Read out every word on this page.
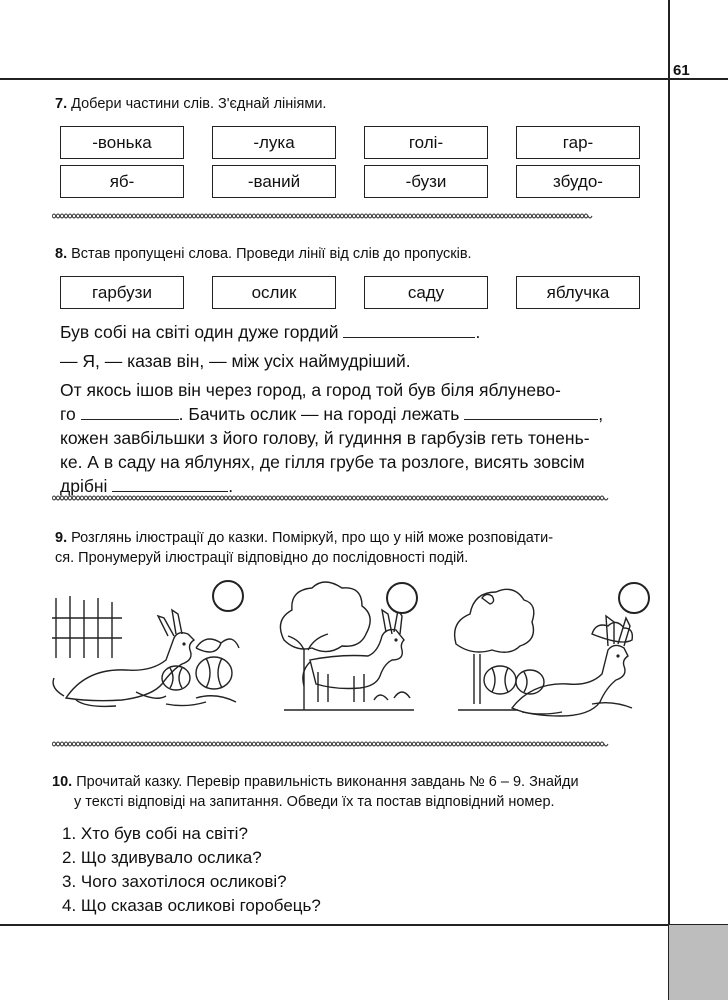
61
7. Добери частини слів. З'єднай лініями.
-вонька	-лука	голі-	гар-
яб-	-ваний	-бузи	збудо-
8. Встав пропущені слова. Проведи лінії від слів до пропусків.
гарбузи	ослик	саду	яблучка

Був собі на світі один дуже гордий	.

— Я, — казав він, — між усіх наймудріший.

От якось ішов він через город, а город той був біля яблунево-

го	. Бачить ослик — на городі лежать	,

кожен завбільшки з його голову, й гудиння в гарбузів геть тонень-

ке. А в саду на яблунях, де гілля грубе та розлоге, висять зовсім

дрібні	.

9. Розглянь ілюстрації до казки. Поміркуй, про що у ній може розповідати-
ся. Пронумеруй ілюстрації відповідно до послідовності подій.
10. Прочитай казку. Перевір правильність виконання завдань № 6 – 9. Знайди
у тексті відповіді на запитання. Обведи їх та постав відповідний номер.
1. Хто був собі на світі?
2. Що здивувало ослика?
3. Чого захотілося осликові?
4. Що сказав осликові горобець?
